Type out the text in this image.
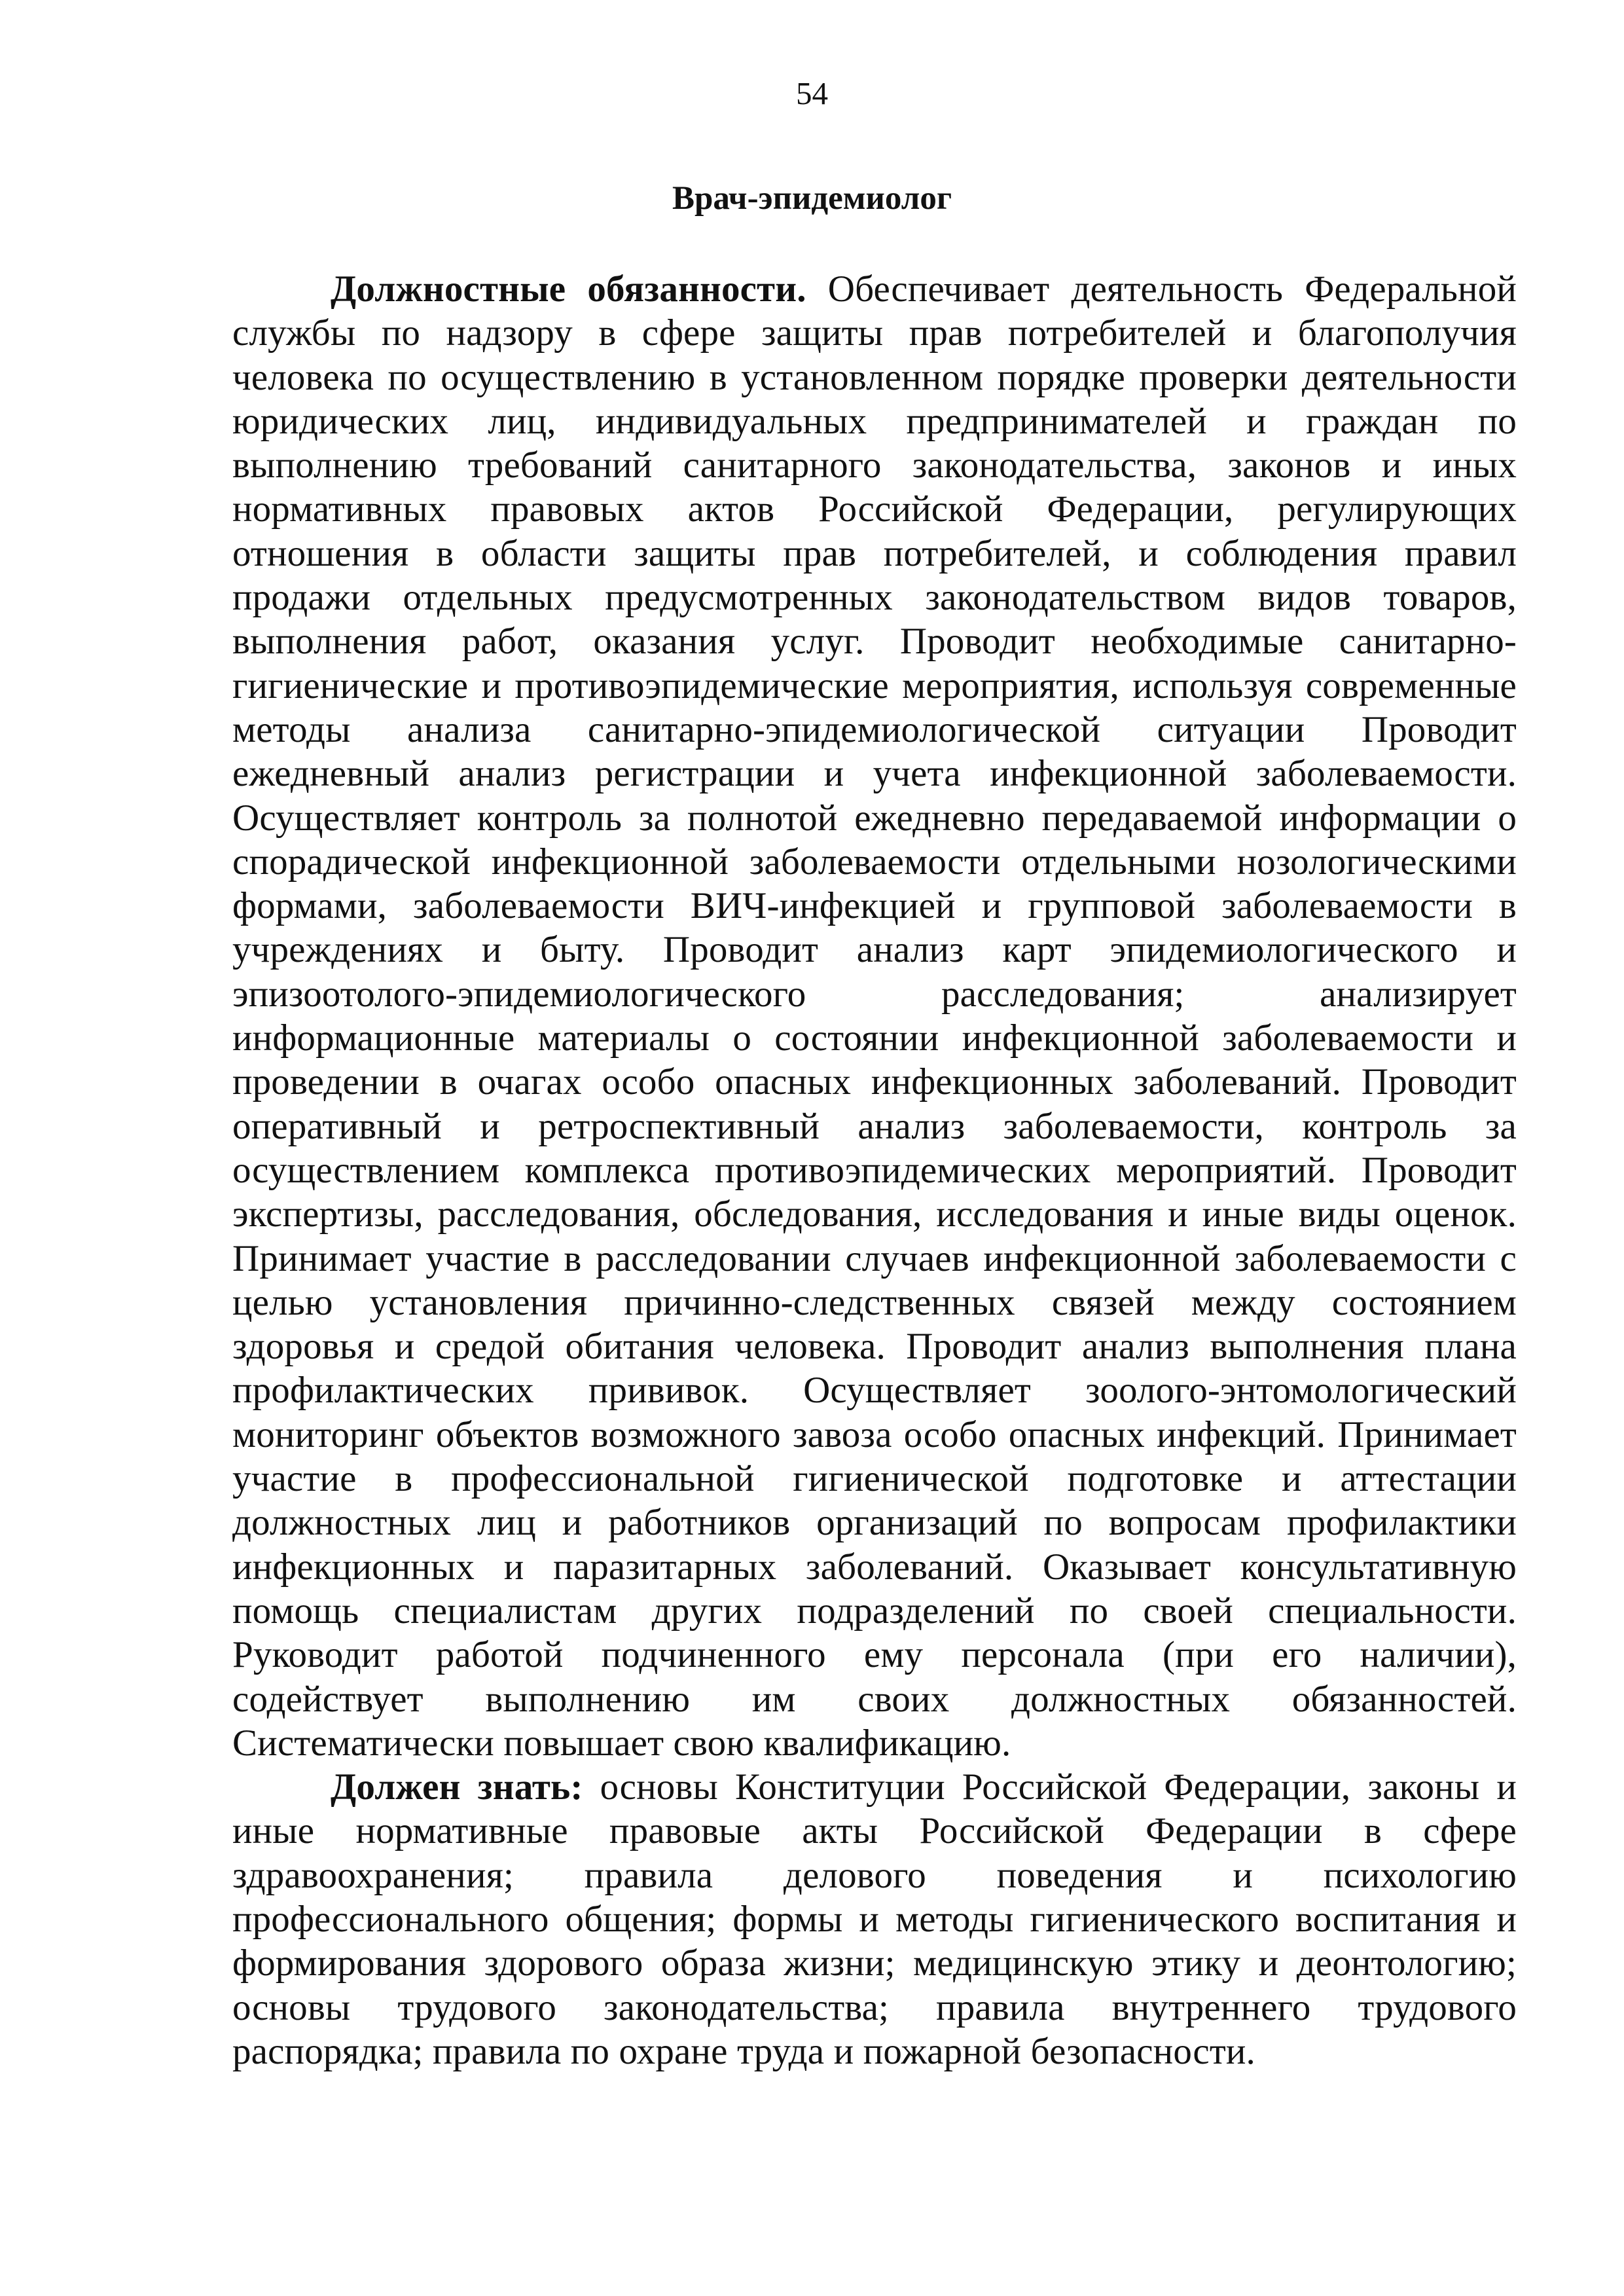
54
Врач-эпидемиолог

Должностные обязанности. Обеспечивает деятельность Федеральной службы по надзору в сфере защиты прав потребителей и благополучия человека по осуществлению в установленном порядке проверки деятельности юридических лиц, индивидуальных предпринимателей и граждан по выполнению требований санитарного законодательства, законов и иных нормативных правовых актов Российской Федерации, регулирующих отношения в области защиты прав потребителей, и соблюдения правил продажи отдельных предусмотренных законодательством видов товаров, выполнения работ, оказания услуг. Проводит необходимые санитарно-гигиенические и противоэпидемические мероприятия, используя современные методы анализа санитарно-эпидемиологической ситуации Проводит ежедневный анализ регистрации и учета инфекционной заболеваемости. Осуществляет контроль за полнотой ежедневно передаваемой информации о спорадической инфекционной заболеваемости отдельными нозологическими формами, заболеваемости ВИЧ-инфекцией и групповой заболеваемости в учреждениях и быту. Проводит анализ карт эпидемиологического и эпизоотолого-эпидемиологического расследования; анализирует информационные материалы о состоянии инфекционной заболеваемости и проведении в очагах особо опасных инфекционных заболеваний. Проводит оперативный и ретроспективный анализ заболеваемости, контроль за осуществлением комплекса противоэпидемических мероприятий. Проводит экспертизы, расследования, обследования, исследования и иные виды оценок. Принимает участие в расследовании случаев инфекционной заболеваемости с целью установления причинно-следственных связей между состоянием здоровья и средой обитания человека. Проводит анализ выполнения плана профилактических прививок. Осуществляет зоолого-энтомологический мониторинг объектов возможного завоза особо опасных инфекций. Принимает участие в профессиональной гигиенической подготовке и аттестации должностных лиц и работников организаций по вопросам профилактики инфекционных и паразитарных заболеваний. Оказывает консультативную помощь специалистам других подразделений по своей специальности. Руководит работой подчиненного ему персонала (при его наличии), содействует выполнению им своих должностных обязанностей. Систематически повышает свою квалификацию.

Должен знать: основы Конституции Российской Федерации, законы и иные нормативные правовые акты Российской Федерации в сфере здравоохранения; правила делового поведения и психологию профессионального общения; формы и методы гигиенического воспитания и формирования здорового образа жизни; медицинскую этику и деонтологию; основы трудового законодательства; правила внутреннего трудового распорядка; правила по охране труда и пожарной безопасности.
